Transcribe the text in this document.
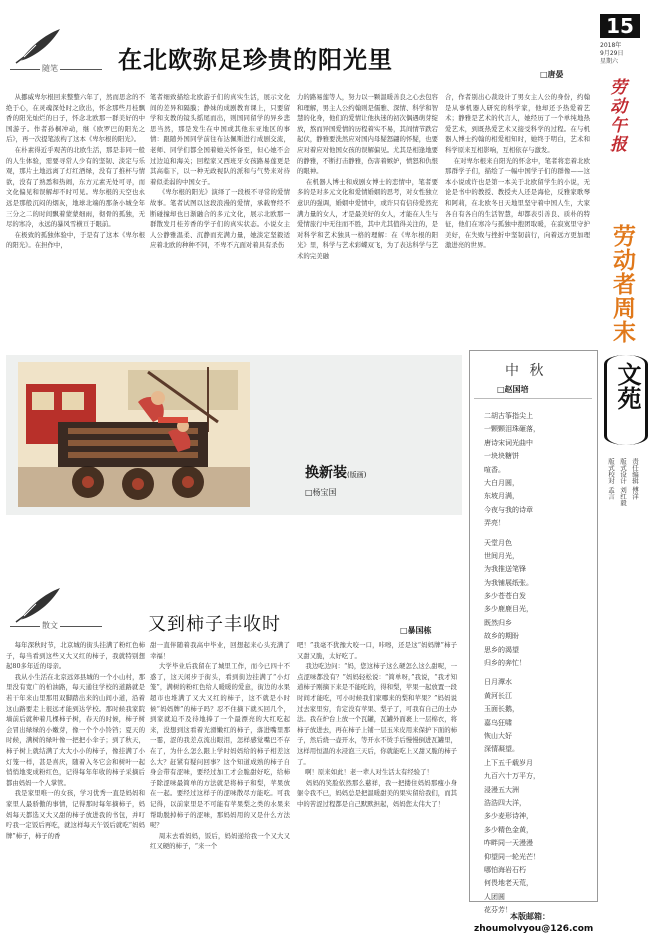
15
2018年
9月29日
星期六
劳动午报
劳动者周末
文苑
责任编辑 傅洋
版式设计 刘红毅
版式校对 孟言
随笔	在北欧弥足珍贵的阳光里
□唐晏
从挪威卑尔根回来整整六年了，然而思念的不绝于心，在灵魂深处时之欣出，怀念那些月桂飘香的阳光灿烂的日子，怀念北欧那一群美好的中国游子。作者孙桐冲动，继《欧罗巴的阳光之后》，再一次提笔浓构了这本《卑尔根的阳光》。
在朴素得近乎观苦的北欧生活，那是非同一般的人生体验，需要寻常人少有的坚韧、淡定与乐观，那片土地远离了灯红酒绿，没有了推杯与情欲，没有了熟悉和热闹，东方元素无处可寻，而文化偏见和误解却不时可见。卑尔根的天空也永远是那般沉闷的烟灰，地球北端的那条小城全年三分之二的时间飘着蒙蒙细雨，彻骨的孤独，无尽的寒冷，永远的暴风雪横亘于眼前。
在极致的孤独体验中，于是有了这本《卑尔根的阳光》。在担作中，
笔者细致描绘北欧游子们的真实生活，展示文化间的差异和隔膜；静妹的成剧教育课上，只要留学和支教的镜头摇尾而出，则国同留学的异乡悲思当然，那是发生在中国或其他东亚地区的事情：跟随外国同学前往布达佩斯进行成剧交流，老师、同学们都全国着她关怀备至，但心她不会过边迫和海关；回程家又西班牙女孩路易莲更是其高临下，以一种无政视队的派和与气势来对待着似柔弱的中国女子。
《卑尔根的阳光》演绎了一段极不寻常的爱情故事。笔者试图以这段浪漫的爱情，承载脊经不断碰撞却也日渐融合的多元文化，展示北欧那一群散发月桂芳香的学子们的真实状态。小说女主人公静雅温柔、沉静而充满力量，她淡定坚毅适应着北欧的种种不同，不卑不亢面对着具有杀伤
力的路易莲等人，努力以一颗温暖善良之心去包容和理解，男主人公约翰则是儒雅、深情、科学和智慧的化身，他们的爱情让他执迷的初次偶遇萌芽绽放，熬而异国爱情的历程着实不易，其间情节跌宕起伏，静雅要洗然应对国内母疑怒翩的怀疑，也要应对着应对他国女孩的误解偏见。尤其是相逢地要的静雅，不断打击静雅，伤害着嫉妒，愤怒和仇恨的眼神。
在机器人博士和成剧女博士的恋情中，笔者要多的是对多元文化和爱情婚姻的思考，对女性独立意识的强调，婚姻中爱情中，或许只有信侍爱然充满力量的女人，才是最美好的女人，才能在人生与爱情旅行中无往而不胜，其中尤其值得关注的，是对科学和艺术独具一格的理解：在《卑尔根的阳光》里，科学与艺术彩蝶双飞，为了表达科学与艺术的完美融
合，作者别出心裁设计了男女主人公的身份，约翰是从事机器人研究的科学家，他却还予热爱着艺术；静雅是艺术的代言人，她经历了一个单纯地热爱艺术，到既热爱艺术又接受科学的过程。在与机器人博士约翰的相爱相知时，她终于明白，艺术和科学原来互相影响，互相依存与激发。
在对卑尔根来自阳光的怀念中，笔者将恋着北欧那群学子们，描绘了一幅中国学子们的群像——这本小说或许也是第一本关于北欧留学生的小说，无论是书中的教授、教授夫人还是海伦，反雅家歌琴和阿莉，在北欧冬日天地里坚守着中国人生，大家各自有各自的生活智慧，却都表引善良、质朴的特征，他们在寒冷与孤独中抱团取暖，在寂寞里守护美好，在失败与挫折中坚韧前行，向着远方更加理激进亮的世界。
换新装(版画)
□杨宝国
中 秋
□赵国培
二胡古筝指尖上
一颗颗泪珠砸落，
唐诗宋词光曲中
一块块糖饼
喧香。
大白月圆，
东坡月满，
今夜与我的诗章
弄亮！
天堂月色
世间月光，
为我推送笔锋
为我铺展纸张。
多少苍苍白发
多少鹿鹿目光，
既然归乡
故乡的期盼
思乡的渴望
归乡的奔忙！
日月潭水
黄河长江
玉面长鹅，
嘉乌狂啸
恢山大好
深情凝望。
上下五千载岁月
九百六十万平方，
浸漫五大洲
浩浩四大洋，
多少麦形诗神，
多少精色金黄，
咋畔同一天漫漫
仰望同一轮光芒！
哪怕海岩石朽
何畏地老天荒，
人团圆
花芬芳！
散文	又到柿子丰收时	□暴国栋
每年深秋时节，北京城的街头挂满了粉红色柿子，每当看到这些又大又红的柿子，我就特别想起80多年近的母亲。
我从小生活在北京远郊县城的一个小山村，那里没有宽广的柏油路，每天通往学校的道路就是若干年来山里那用双脚踏出来的山间小道，沿着这山路要走上很远才能到达学校。那时候我家院墙前后就种着几棵柿子树，春天的时候，柿子树会冒出绿绿的小嫩芽，像一个个小铃铛；夏天的时候，满树的绿叶像一把把小伞子；到了秋天，柿子树上就结满了大大小小的柿子，像挂满了小灯笼一样，甚是喜庆，随着入冬它会和树叶一起悄悄地变成粉红色，记得每年年收的柿子采摘后都由妈妈一个人掌管。
我是家里唯一的女孩，学习优秀一直是妈妈和家里人最骄傲的事情，记得那时每年摘柿子，妈妈每天都选又大又甜的柿子放进我的书包，并叮咛我一定饭后再吃，就这样每天午饭后就吃“妈妈牌”柿子，柿子的香
甜一直伴随着我高中毕业，回想起来心头充满了幸福！
大学毕业后我留在了城里工作，而今已四十不惑了，这天闲步于街头，看到街边挂满了“小灯笼”，满树的粉红色给人暖暖的爱意，街边的水果超市也堆满了又大又红的柿子，这不就是小时候“妈妈牌”的柿子吗？忍不住摘下就买回几个，到家就迫不及待地捧了一个最漂亮的大红吃起来，没想到这看着光滑嫩红的柿子，落进嘴里那一霎，涩的我差点流出眼泪，怎样感觉嘴巴不存在了，为什么怎么跟上学时妈妈给的柿子相差这么大？赶紧有疑问回事？这个知道成熟的柿子自身会带有涩味，要经过加工才会脆甜好吃，给柿子除涩味最简单的方法就是将柿子和梨，苹果放在一起。要经过这样子的涩味散尽方能吃。可我记得，以前家里是不可能有苹果梨之类的水果来帮助脱掉柿子的涩味，那妈妈用的又是什么方法呢？
周末去看妈妈，饭后，妈妈递给我一个又大又红又硬的柿子，“来一个
吧！”我毫不犹豫大咬一口，咔嚓，还是这“妈妈牌”柿子又甜又脆，太好吃了。
我边吃边问：“妈，您这柿子这么硬怎么这么甜呢，一点涩味都没有？”妈妈轻松说：“简单呀，”我说，“我才知道柿子刚摘下来是不能吃的，得和梨，苹果一起放置一段时间才能吃，可小时候我们家哪来的梨和苹果？”妈妈说过去家里穷，肯定没有苹果、梨子了，可我有自己的土办法。我在炉台上放一个瓦罐，瓦罐外面裹上一层棉衣，将柿子放进去，再在柿子上铺一层玉米皮用来保护下面的柿子，然后烧一壶开水，等开水不烫手后慢慢倒进瓦罐里，这样用恒温的水浸泡三天后，你就能吃上又甜又脆的柿子了。
啊！原来如此！老一辈人对生活太有经验了！
妈妈的笑脸依然那么慈祥，我一把搂住妈妈那瘦小身躯令我不已，妈妈总是把温暖甜美的果实留给我们，而其中的苦涩过程都是自己默默担起，妈妈您太伟大了！
本版邮箱：
zhoumolvyou@126.com
